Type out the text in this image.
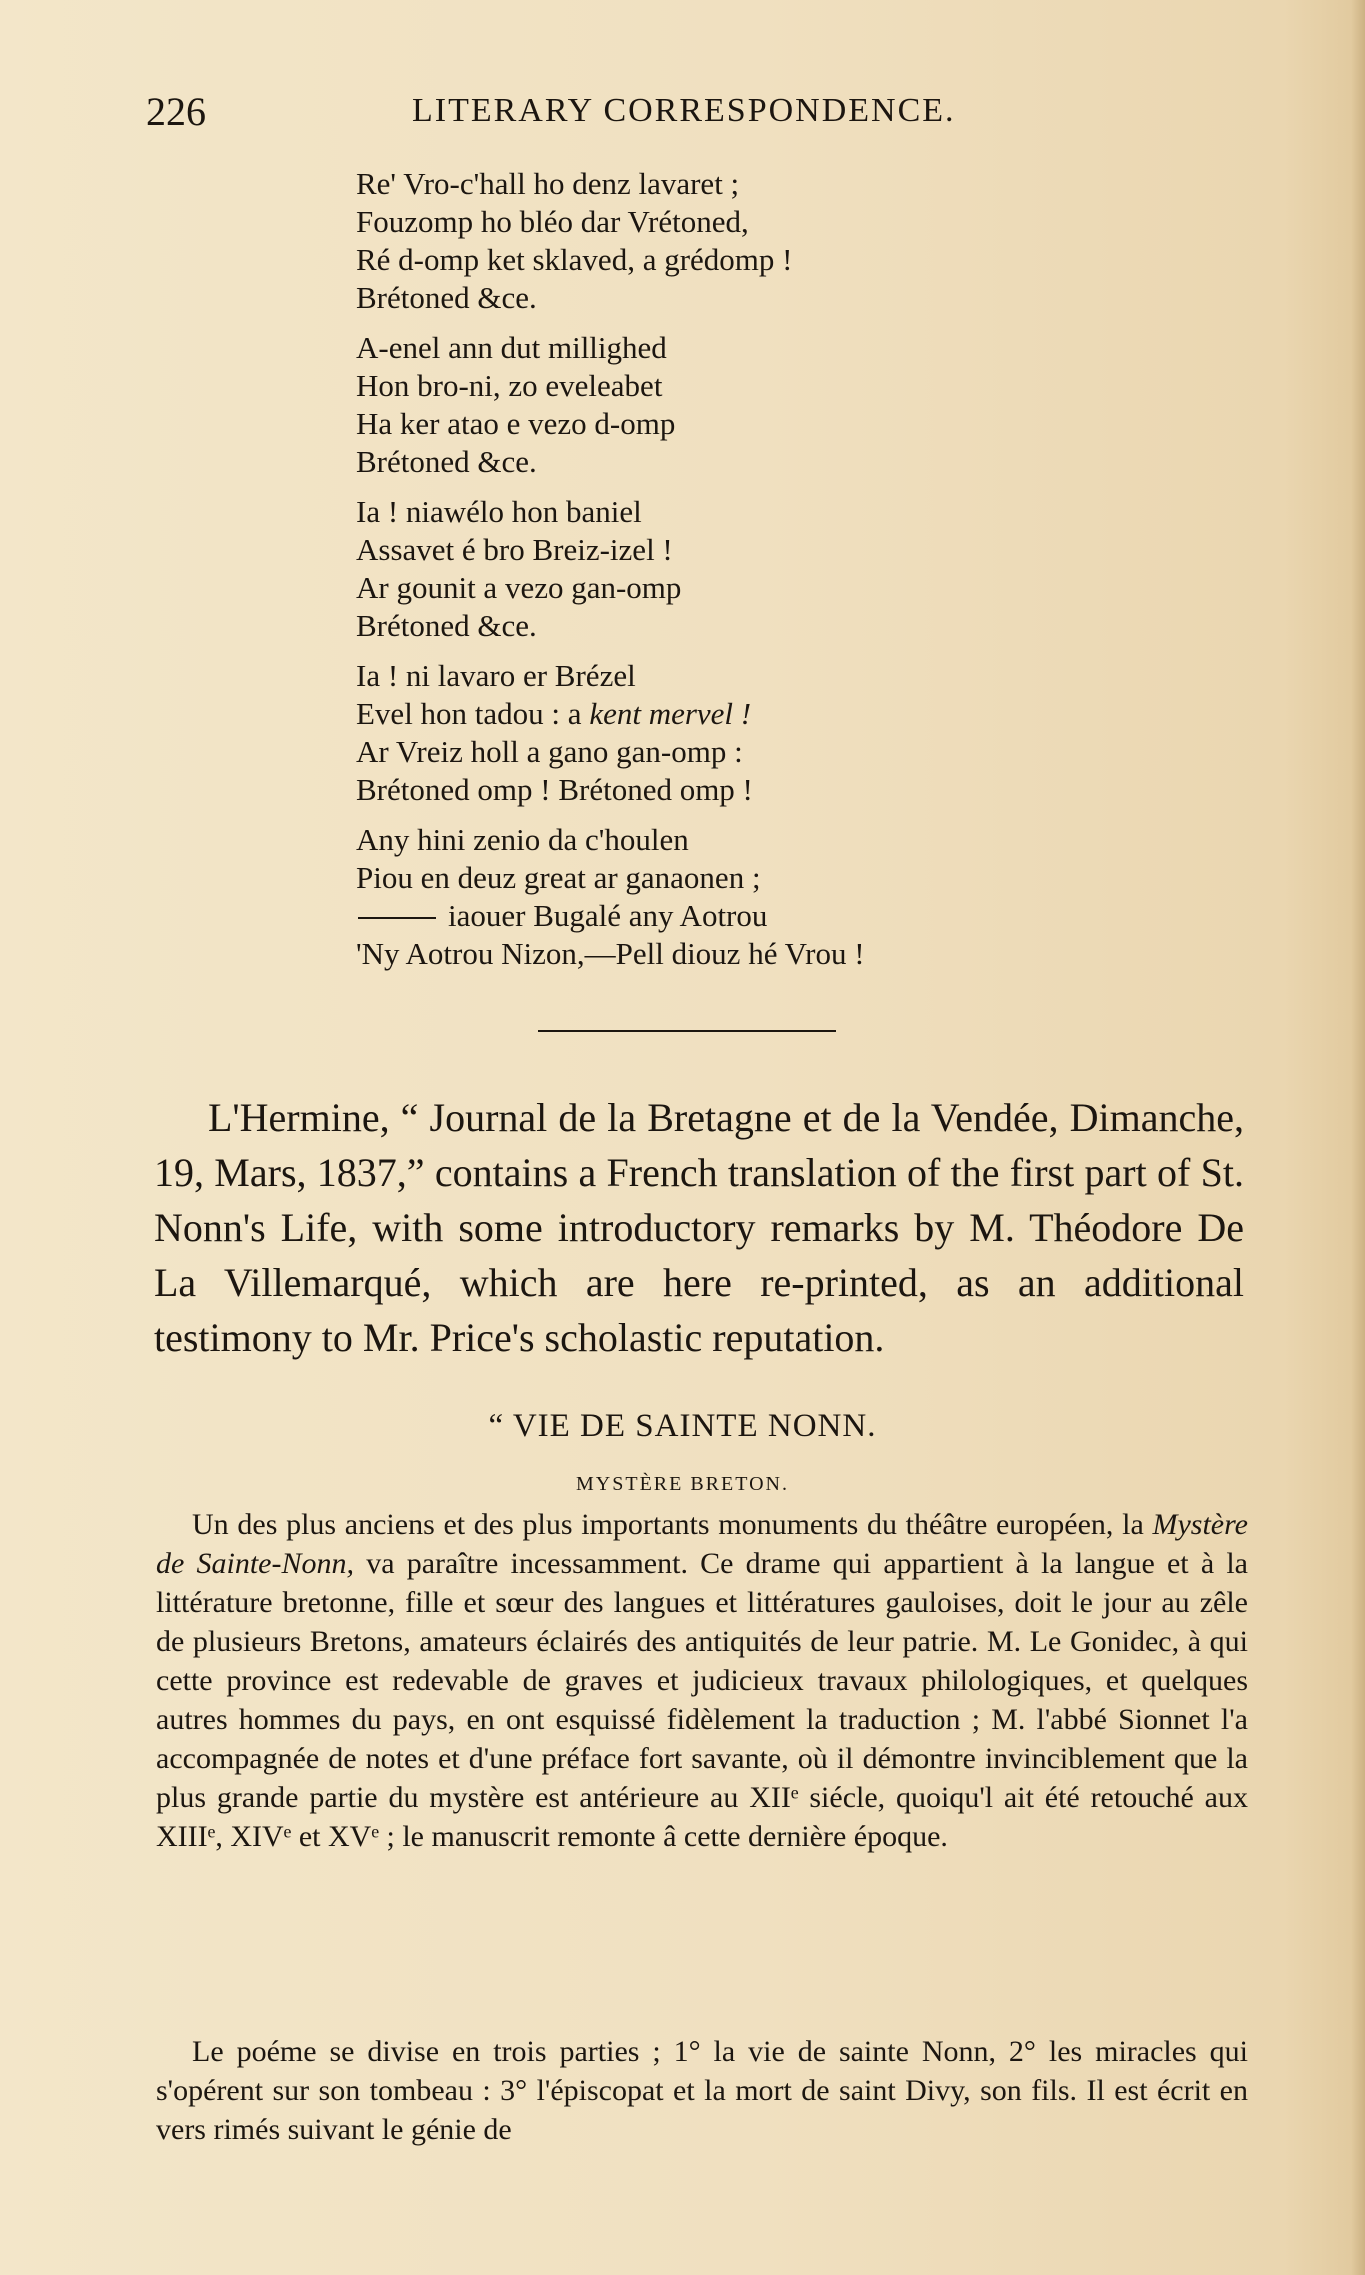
226	LITERARY CORRESPONDENCE.
Re' Vro-c'hall ho denz lavaret ;
Fouzomp ho bléo dar Vrétoned,
Ré d-omp ket sklaved, a grédomp !
Brétoned &ce.
A-enel ann dut millighed
Hon bro-ni, zo eveleabet
Ha ker atao e vezo d-omp
Brétoned &ce.
Ia ! niawélo hon baniel
Assavet é bro Breiz-izel !
Ar gounit a vezo gan-omp
Brétoned &ce.
Ia ! ni lavaro er Brézel
Evel hon tadou : a kent mervel !
Ar Vreiz holl a gano gan-omp :
Brétoned omp ! Brétoned omp !
Any hini zenio da c'houlen
Piou en deuz great ar ganaonen ;
iaouer Bugalé any Aotrou
'Ny Aotrou Nizon,—Pell diouz hé Vrou !
L'Hermine, “ Journal de la Bretagne et de la Vendée, Dimanche, 19, Mars, 1837,” contains a French translation of the first part of St. Nonn's Life, with some introductory remarks by M. Théodore De La Villemarqué, which are here re-printed, as an additional testimony to Mr. Price's scholastic reputation.
“ VIE DE SAINTE NONN.
MYSTÈRE BRETON.

Un des plus anciens et des plus importants monuments du théâtre européen, la Mystère de Sainte-Nonn, va paraître incessamment. Ce drame qui appartient à la langue et à la littérature bretonne, fille et sœur des langues et littératures gauloises, doit le jour au zêle de plusieurs Bretons, amateurs éclairés des antiquités de leur patrie. M. Le Gonidec, à qui cette province est redevable de graves et judicieux travaux philologiques, et quelques autres hommes du pays, en ont esquissé fidèlement la traduction ; M. l'abbé Sionnet l'a accompagnée de notes et d'une préface fort savante, où il démontre invinciblement que la plus grande partie du mystère est antérieure au XIIᵉ siécle, quoiqu'l ait été retouché aux XIIIᵉ, XIVᵉ et XVᵉ ; le manuscrit remonte â cette dernière époque.

Le poéme se divise en trois parties ; 1° la vie de sainte Nonn, 2° les miracles qui s'opérent sur son tombeau : 3° l'épiscopat et la mort de saint Divy, son fils. Il est écrit en vers rimés suivant le génie de
